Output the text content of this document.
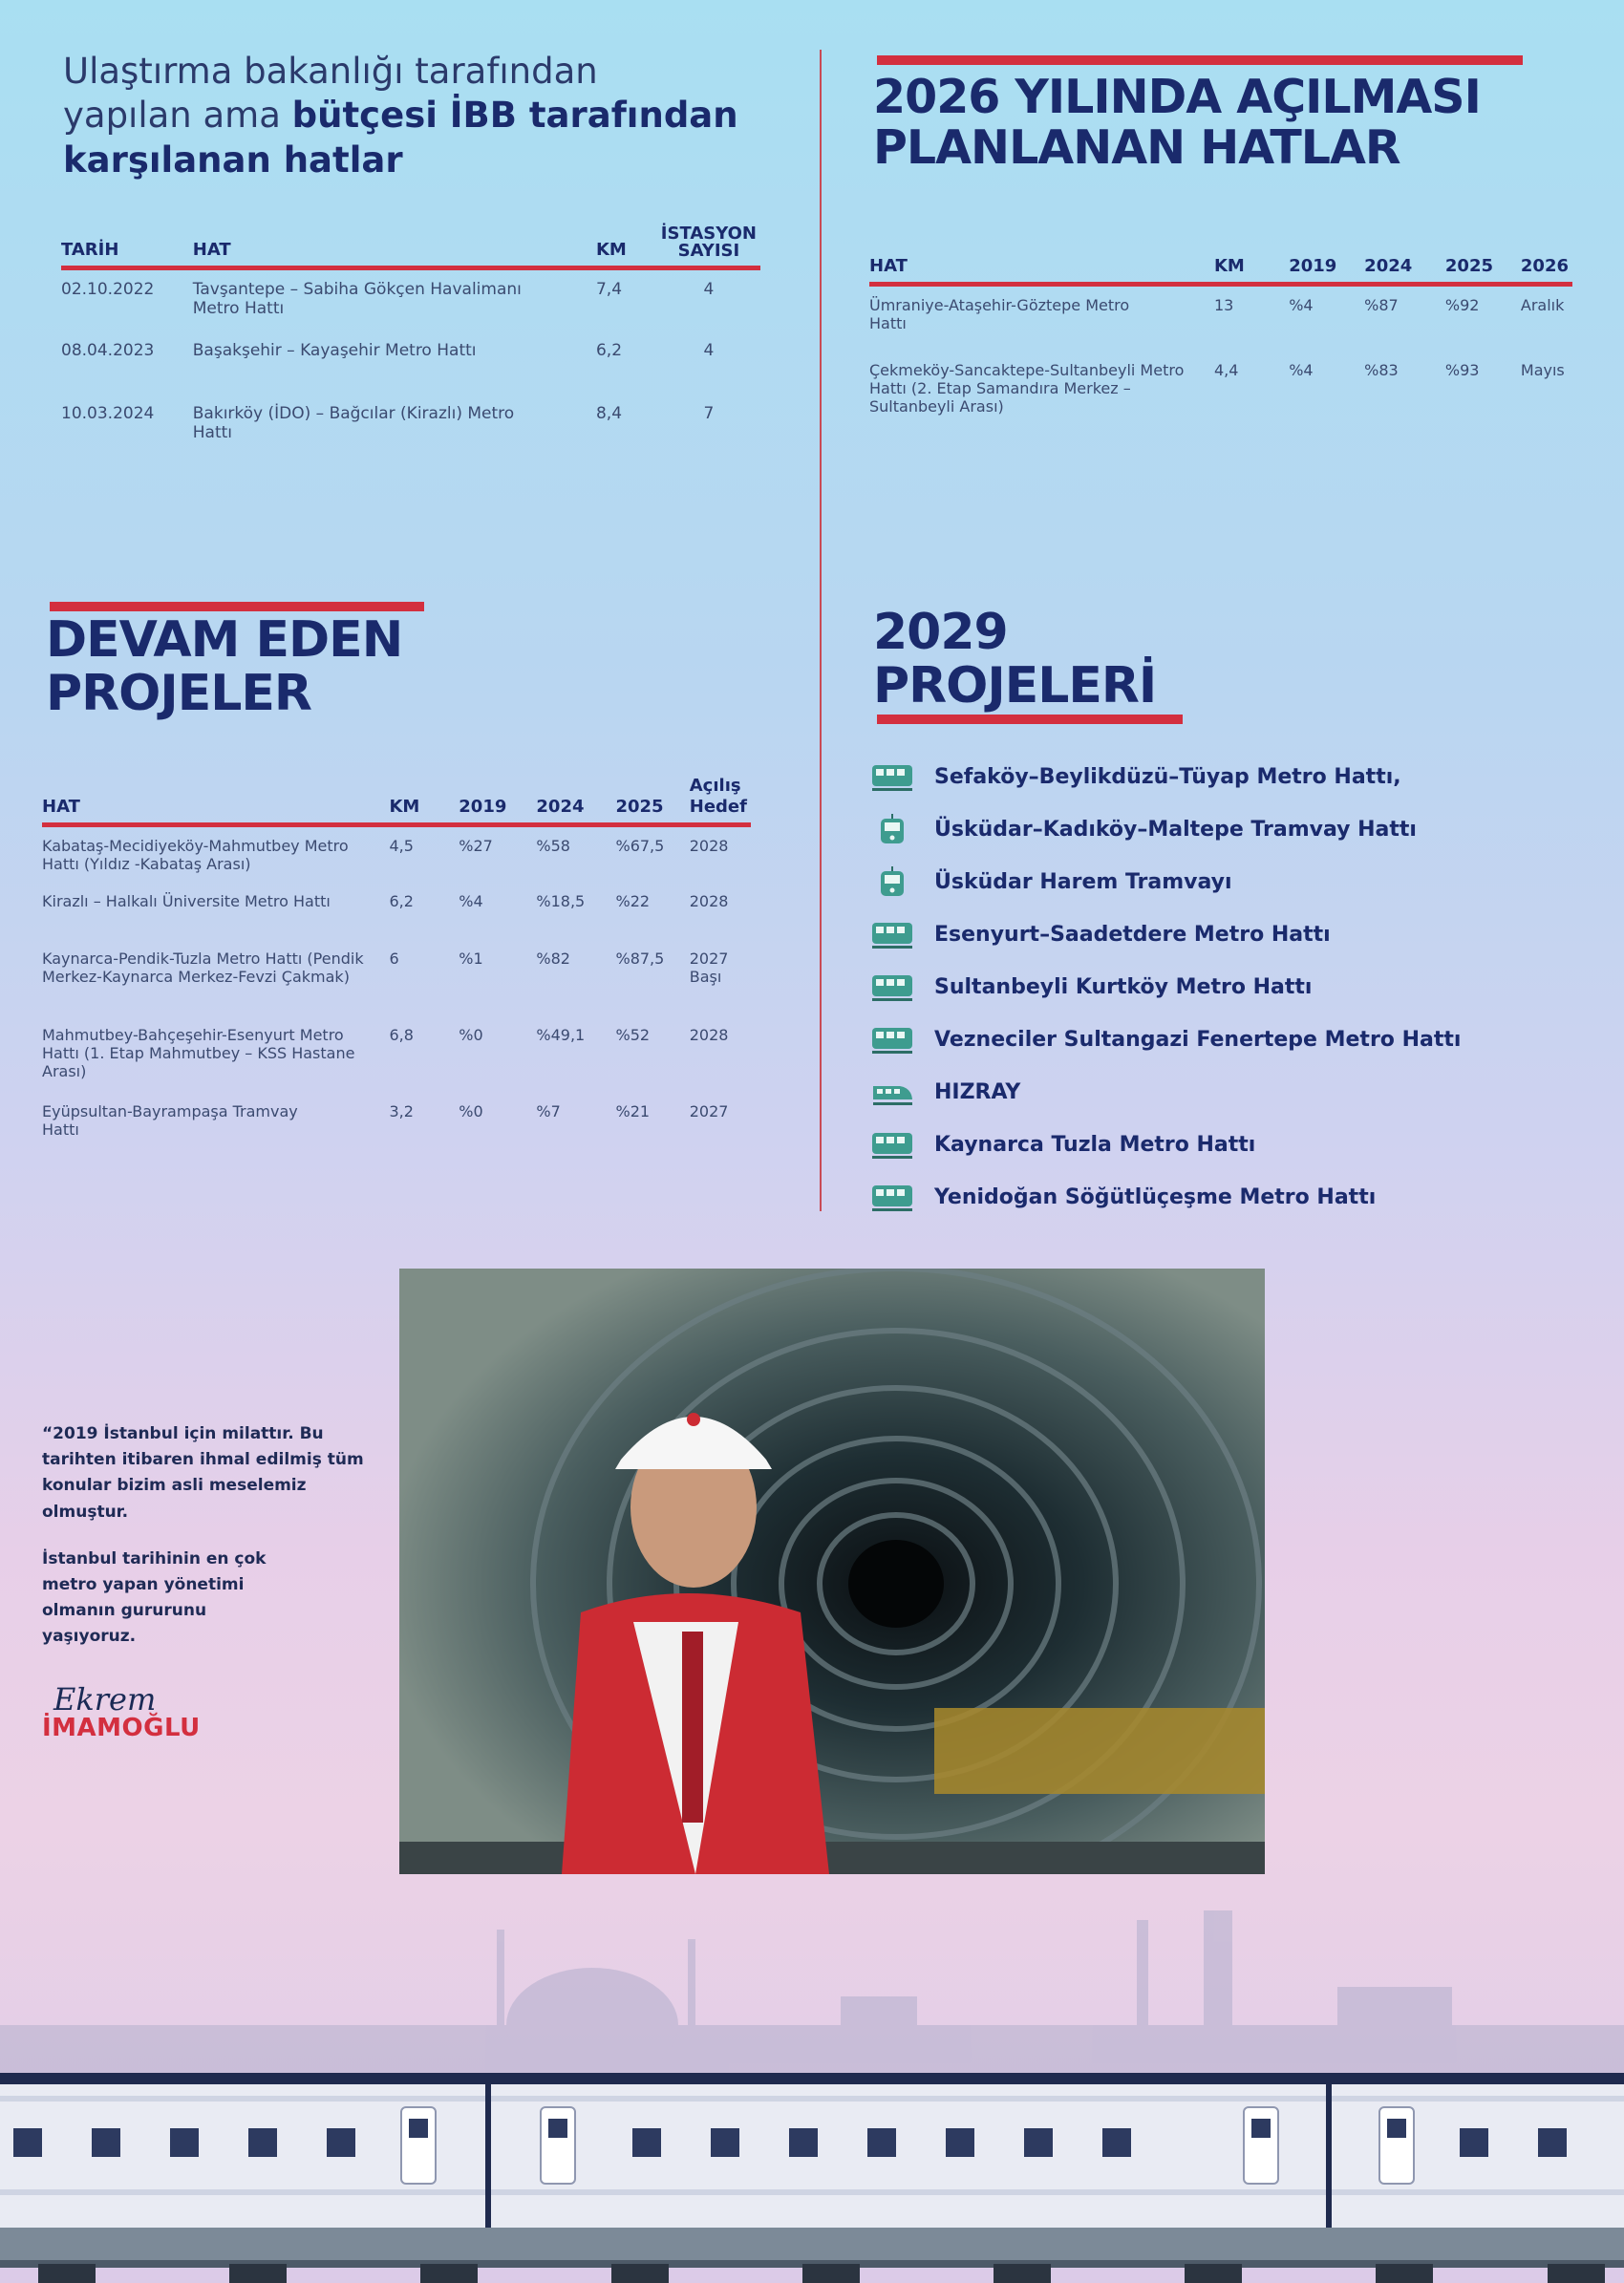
Ulaştırma bakanlığı tarafından
yapılan ama bütçesi İBB tarafından
karşılanan hatlar
TARİH	HAT	KM	İSTASYON
SAYISI
02.10.2022	Tavşantepe – Sabiha Gökçen Havalimanı Metro Hattı	7,4	4
08.04.2023	Başakşehir – Kayaşehir Metro Hattı	6,2	4
10.03.2024	Bakırköy (İDO) – Bağcılar (Kirazlı) Metro Hattı	8,4	7
2026 YILINDA AÇILMASI
PLANLANAN HATLAR
HAT	KM	2019	2024	2025	2026
Ümraniye-Ataşehir-Göztepe Metro Hattı	13	%4	%87	%92	Aralık
Çekmeköy-Sancaktepe-Sultanbeyli Metro Hattı (2. Etap Samandıra Merkez – Sultanbeyli Arası)	4,4	%4	%83	%93	Mayıs
DEVAM EDEN
PROJELER
HAT	KM	2019	2024	2025	Açılış
Hedef
Kabataş-Mecidiyeköy-Mahmutbey Metro Hattı (Yıldız -Kabataş Arası)	4,5	%27	%58	%67,5	2028
Kirazlı – Halkalı Üniversite Metro Hattı	6,2	%4	%18,5	%22	2028
Kaynarca-Pendik-Tuzla Metro Hattı (Pendik Merkez-Kaynarca Merkez-Fevzi Çakmak)	6	%1	%82	%87,5	2027 Başı
Mahmutbey-Bahçeşehir-Esenyurt Metro Hattı (1. Etap Mahmutbey – KSS Hastane Arası)	6,8	%0	%49,1	%52	2028
Eyüpsultan-Bayrampaşa Tramvay Hattı	3,2	%0	%7	%21	2027
2029
PROJELERİ
Sefaköy–Beylikdüzü–Tüyap Metro Hattı,
Üsküdar–Kadıköy–Maltepe Tramvay Hattı
Üsküdar Harem Tramvayı
Esenyurt–Saadetdere Metro Hattı
Sultanbeyli Kurtköy Metro Hattı
Vezneciler Sultangazi Fenertepe Metro Hattı
HIZRAY
Kaynarca Tuzla Metro Hattı
Yenidoğan Söğütlüçeşme Metro Hattı

“2019 İstanbul için milattır. Bu tarihten itibaren ihmal edilmiş tüm konular bizim asli meselemiz olmuştur.

İstanbul tarihinin en çok metro yapan yönetimi olmanın gururunu yaşıyoruz.

Ekrem
İMAMOĞLU
